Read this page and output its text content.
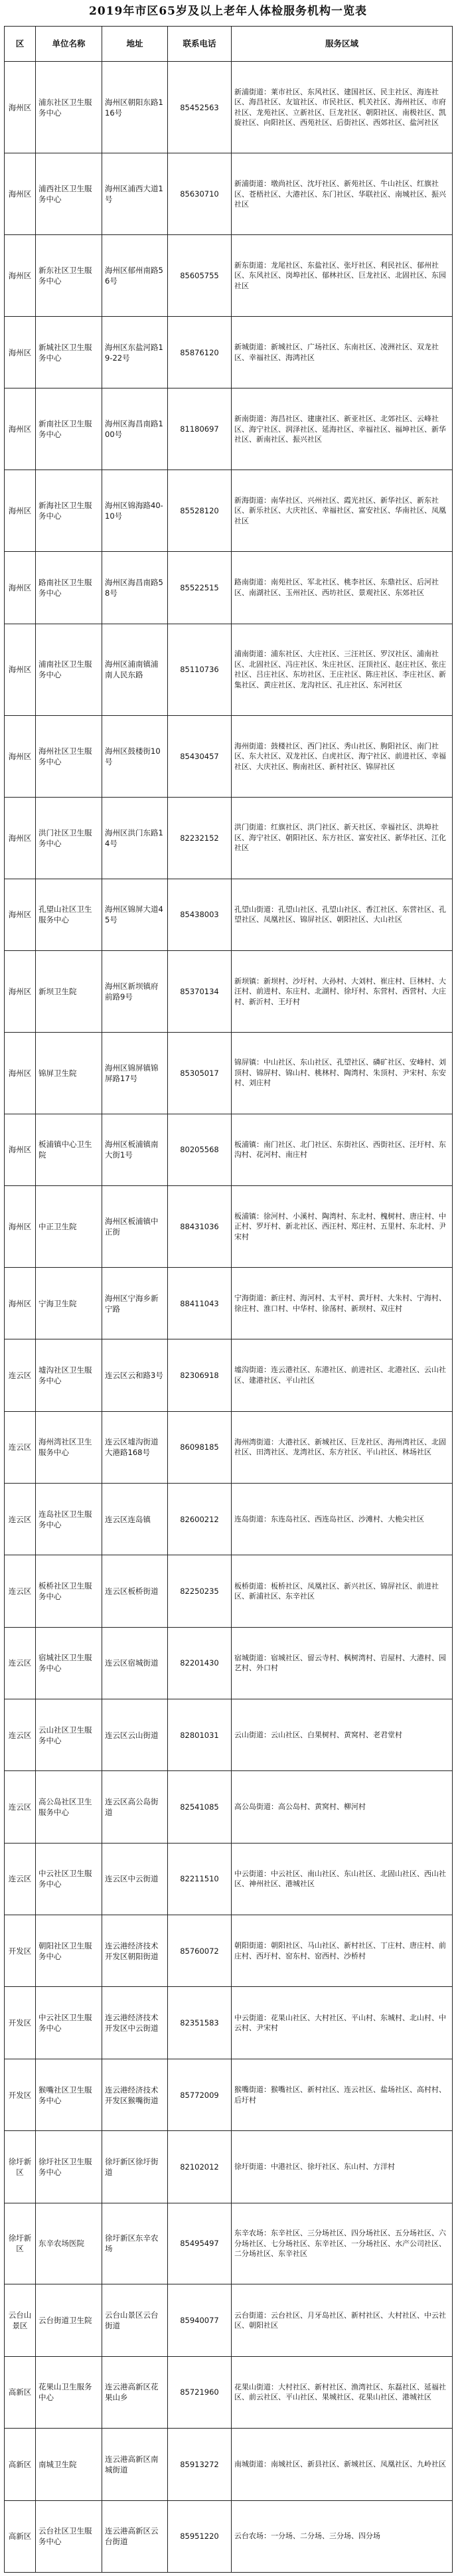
2019年市区65岁及以上老年人体检服务机构一览表
区	单位名称	地址	联系电话	服务区域
海州区	浦东社区卫生服务中心	海州区朝阳东路116号	85452563	新浦街道：莱市社区、东风社区、建国社区、民主社区、海连社区、海昌社区、友谊社区、市民社区、机关社区、海州社区、市府社区、龙苑社区、立新社区、巨龙社区、朝阳社区、南极社区、凯旋社区、向阳社区、西苑社区、后街社区、西郊社区、盐河社区
海州区	浦西社区卫生服务中心	海州区浦西大道1号	85630710	新浦街道：墩尚社区、沈圩社区、新苑社区、牛山社区、红旗社区、苍梧社区、大港社区、东门社区、华联社区、南城社区、振兴社区
海州区	新东社区卫生服务中心	海州区郁州南路56号	85605755	新东街道：龙尾社区、东盐社区、张圩社区、利民社区、郁州社区、东风社区、岗埠社区、郁林社区、巨龙社区、北固社区、东园社区
海州区	新城社区卫生服务中心	海州区东盐河路19-22号	85876120	新城街道：新城社区、广场社区、东南社区、凌洲社区、双龙社区、幸福社区、海鸿社区
海州区	新南社区卫生服务中心	海州区海昌南路100号	81180697	新南街道：海昌社区、建康社区、新亚社区、北郊社区、云峰社区、海宁社区、润泽社区、延海社区、幸福社区、福坤社区、新华社区、新南社区、振兴社区
海州区	新海社区卫生服务中心	海州区锦海路40-10号	85528120	新海街道：南华社区、兴州社区、霞光社区、新华社区、新东社区、新乐社区、大庆社区、幸福社区、富安社区、华南社区、凤凰社区
海州区	路南社区卫生服务中心	海州区海昌南路58号	85522515	路南街道：南苑社区、军北社区、桃李社区、东鼎社区、后河社区、南湖社区、玉州社区、西坊社区、景观社区、东郊社区
海州区	浦南社区卫生服务中心	海州区浦南镇浦南人民东路	85110736	浦南街道：浦东社区、大庄社区、三汪社区、罗汉社区、浦南社区、北固社区、冯庄社区、朱庄社区、汪顶社区、赵庄社区、张庄社区、吕庄社区、东坊社区、王庄社区、陈庄社区、李庄社区、新集社区、黄庄社区、龙沟社区、孔庄社区、东河社区
海州区	海州社区卫生服务中心	海州区鼓楼街10号	85430457	海州街道：鼓楼社区、西门社区、秀山社区、朐阳社区、南门社区、东大社区、双龙社区、白虎社区、海宁社区、前进社区、幸福社区、大庆社区、朐南社区、新村社区、锦屏社区
海州区	洪门社区卫生服务中心	海州区洪门东路14号	82232152	洪门街道：红旗社区、洪门社区、新天社区、幸福社区、洪埠社区、海宁社区、朝阳社区、东方社区、富安社区、新华社区、江化社区
海州区	孔望山社区卫生服务中心	海州区锦屏大道45号	85438003	孔望山街道：孔望山社区、孔望山社区、香江社区、东营社区、孔望社区、凤凰社区、锦屏社区、朝阳社区、大山社区
海州区	新坝卫生院	海州区新坝镇府前路9号	85370134	新坝镇：新坝村、沙圩村、大孙村、大刘村、崔庄村、巨林村、大汪村、前进村、东庄村、北湖村、徐圩村、东营村、西营村、大庄村、新沂村、王圩村
海州区	锦屏卫生院	海州区锦屏镇锦屏路17号	85305017	锦屏镇：中山社区、东山社区、孔望社区、磷矿社区、安峰村、刘顶村、锦屏村、锦山村、桃林村、陶湾村、朱顶村、尹宋村、东安村、刘庄村
海州区	板浦镇中心卫生院	海州区板浦镇南大街1号	80205568	板浦镇：南门社区、北门社区、东街社区、西街社区、汪圩村、东沟村、花河村、南庄村
海州区	中正卫生院	海州区板浦镇中正街	88431036	板浦镇：徐河村、小溪村、陶湾村、东北村、槐树村、唐庄村、中正村、罗圩村、新北社区、西汪村、郑庄村、五里村、东北村、尹宋村
海州区	宁海卫生院	海州区宁海乡新宁路	88411043	宁海街道：新庄村、海河村、太平村、黄圩村、大朱村、宁海村、徐庄村、淮口村、中华村、徐荡村、新坝村、双庄村
连云区	墟沟社区卫生服务中心	连云区云和路3号	82306918	墟沟街道：连云港社区、东港社区、前进社区、北港社区、云山社区、建港社区、平山社区
连云区	海州湾社区卫生服务中心	连云区墟沟街道大港路168号	86098185	海州湾街道：大港社区、新城社区、巨龙社区、海州湾社区、北固社区、田湾社区、龙湾社区、东方社区、平山社区、林场社区
连云区	连岛社区卫生服务中心	连云区连岛镇	82600212	连岛街道：东连岛社区、西连岛社区、沙滩村、大桅尖社区
连云区	板桥社区卫生服务中心	连云区板桥街道	82250235	板桥街道：板桥社区、凤凰社区、新兴社区、锦屏社区、前进社区、新浦社区、东辛社区
连云区	宿城社区卫生服务中心	连云区宿城街道	82201430	宿城街道：宿城社区、留云寺村、枫树湾村、岩屋村、大港村、园艺村、外口村
连云区	云山社区卫生服务中心	连云区云山街道	82801031	云山街道：云山社区、白果树村、黄窝村、老君堂村
连云区	高公岛社区卫生服务中心	连云区高公岛街道	82541085	高公岛街道：高公岛村、黄窝村、柳河村
连云区	中云社区卫生服务中心	连云区中云街道	82211510	中云街道：中云社区、南山社区、东山社区、北固山社区、西山社区、神州社区、港城社区
开发区	朝阳社区卫生服务中心	连云港经济技术开发区朝阳街道	85760072	朝阳街道：朝阳社区、马山社区、新村社区、丁庄村、唐庄村、前庄村、西圩村、窑东村、窑西村、沙桥村
开发区	中云社区卫生服务中心	连云港经济技术开发区中云街道	82351583	中云街道：花果山社区、大村社区、平山村、东城村、北山村、中云村、尹宋村
开发区	猴嘴社区卫生服务中心	连云港经济技术开发区猴嘴街道	85772009	猴嘴街道：猴嘴社区、新村社区、连云社区、盐场社区、高村村、后圩村
徐圩新区	徐圩社区卫生服务中心	徐圩新区徐圩街道	82102012	徐圩街道：中港社区、徐圩社区、东山村、方洋村
徐圩新区	东辛农场医院	徐圩新区东辛农场	85495497	东辛农场：东辛社区、三分场社区、四分场社区、五分场社区、六分场社区、七分场社区、东辛社区、一分场社区、水产公司社区、二分场社区、东辛社区
云台山景区	云台街道卫生院	云台山景区云台街道	85940077	云台街道：云台社区、月牙岛社区、新村社区、大村社区、中云社区、朝阳社区
高新区	花果山卫生服务中心	连云港高新区花果山乡	85721960	花果山街道：大村社区、新村社区、渔湾社区、东磊社区、延福社区、前云社区、平山社区、果城社区、花果山社区、港城社区
高新区	南城卫生院	连云港高新区南城街道	85913272	南城街道：南城社区、新县社区、新城社区、凤凰社区、九岭社区
高新区	云台社区卫生服务中心	连云港高新区云台街道	85951220	云台农场：一分场、二分场、三分场、四分场
